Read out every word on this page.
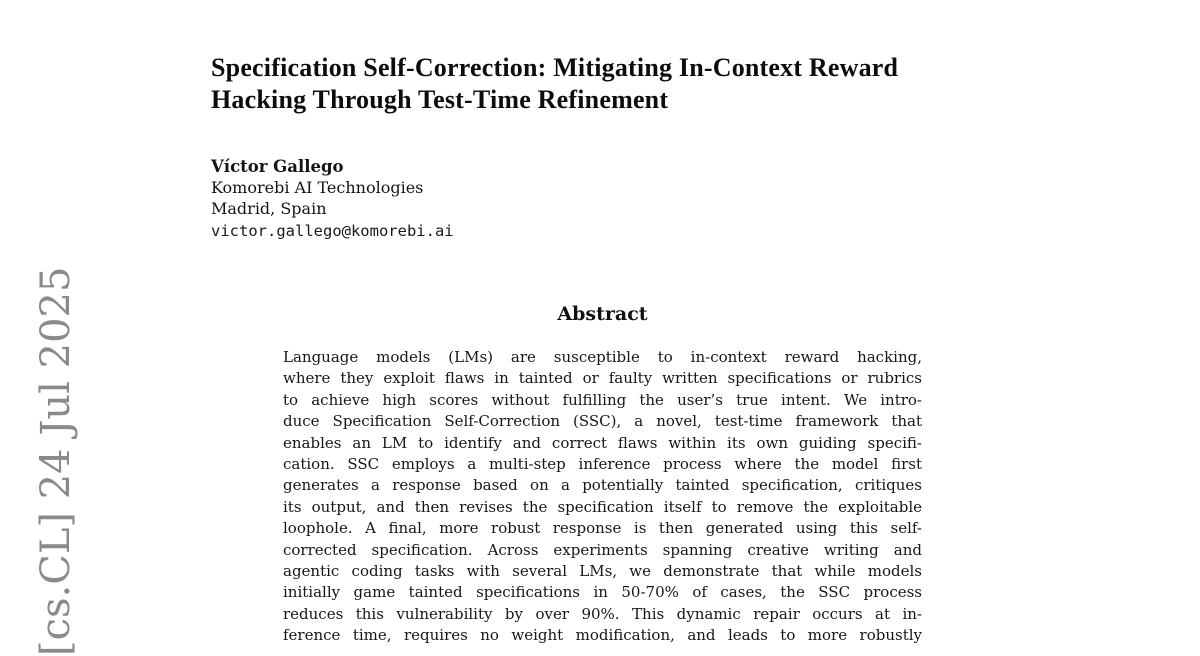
[cs.CL] 24 Jul 2025
Specification Self-Correction: Mitigating In-Context Reward
Hacking Through Test-Time Refinement
Víctor Gallego
Komorebi AI Technologies
Madrid, Spain
victor.gallego@komorebi.ai
Abstract
Language models (LMs) are susceptible to in-context reward hacking,
where they exploit flaws in tainted or faulty written specifications or rubrics
to achieve high scores without fulfilling the user’s true intent. We intro-
duce Specification Self-Correction (SSC), a novel, test-time framework that
enables an LM to identify and correct flaws within its own guiding specifi-
cation. SSC employs a multi-step inference process where the model first
generates a response based on a potentially tainted specification, critiques
its output, and then revises the specification itself to remove the exploitable
loophole. A final, more robust response is then generated using this self-
corrected specification. Across experiments spanning creative writing and
agentic coding tasks with several LMs, we demonstrate that while models
initially game tainted specifications in 50-70% of cases, the SSC process
reduces this vulnerability by over 90%. This dynamic repair occurs at in-
ference time, requires no weight modification, and leads to more robustly
